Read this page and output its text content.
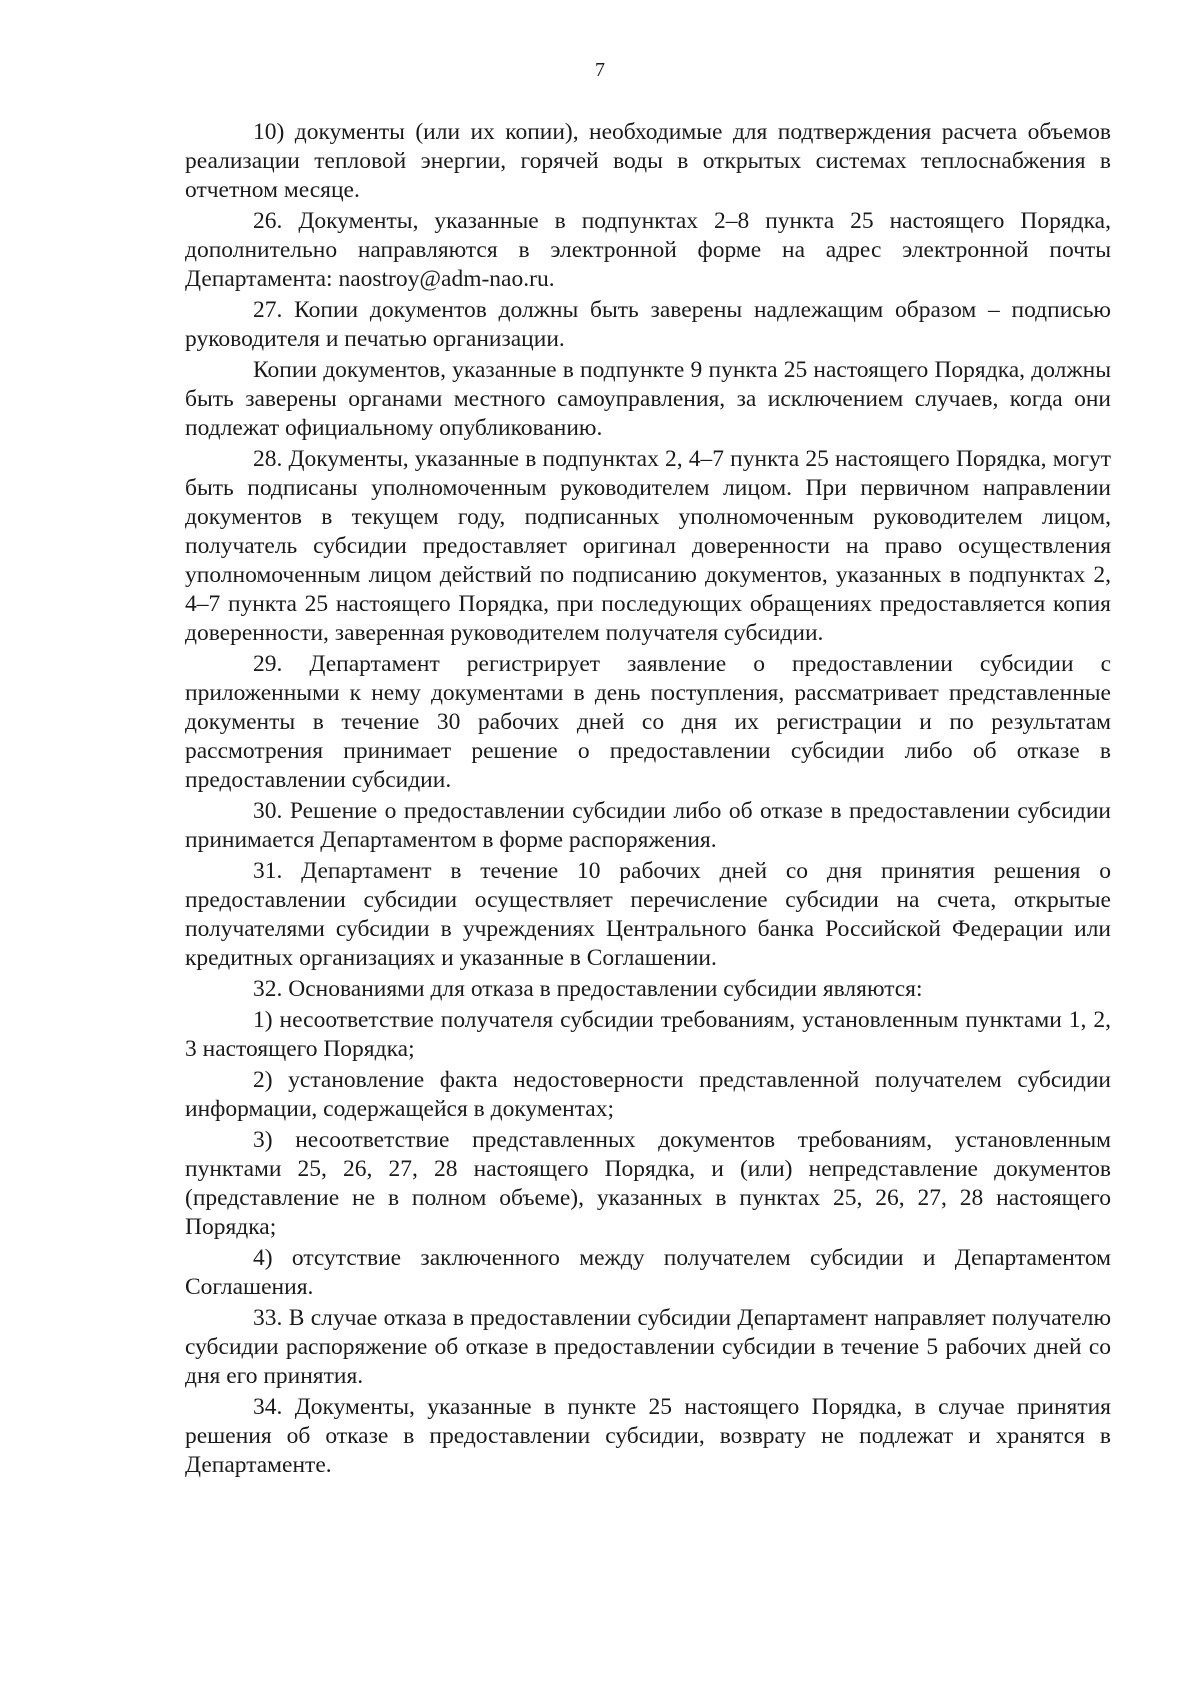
7

10) документы (или их копии), необходимые для подтверждения расчета объемов реализации тепловой энергии, горячей воды в открытых системах теплоснабжения в отчетном месяце.

26. Документы, указанные в подпунктах 2–8 пункта 25 настоящего Порядка, дополнительно направляются в электронной форме на адрес электронной почты Департамента: naostroy@adm-nao.ru.

27. Копии документов должны быть заверены надлежащим образом – подписью руководителя и печатью организации.

Копии документов, указанные в подпункте 9 пункта 25 настоящего Порядка, должны быть заверены органами местного самоуправления, за исключением случаев, когда они подлежат официальному опубликованию.

28. Документы, указанные в подпунктах 2, 4–7 пункта 25 настоящего Порядка, могут быть подписаны уполномоченным руководителем лицом. При первичном направлении документов в текущем году, подписанных уполномоченным руководителем лицом, получатель субсидии предоставляет оригинал доверенности на право осуществления уполномоченным лицом действий по подписанию документов, указанных в подпунктах 2, 4–7 пункта 25 настоящего Порядка, при последующих обращениях предоставляется копия доверенности, заверенная руководителем получателя субсидии.

29. Департамент регистрирует заявление о предоставлении субсидии с приложенными к нему документами в день поступления, рассматривает представленные документы в течение 30 рабочих дней со дня их регистрации и по результатам рассмотрения принимает решение о предоставлении субсидии либо об отказе в предоставлении субсидии.

30. Решение о предоставлении субсидии либо об отказе в предоставлении субсидии принимается Департаментом в форме распоряжения.

31. Департамент в течение 10 рабочих дней со дня принятия решения о предоставлении субсидии осуществляет перечисление субсидии на счета, открытые получателями субсидии в учреждениях Центрального банка Российской Федерации или кредитных организациях и указанные в Соглашении.

32. Основаниями для отказа в предоставлении субсидии являются:

1) несоответствие получателя субсидии требованиям, установленным пунктами 1, 2, 3 настоящего Порядка;

2) установление факта недостоверности представленной получателем субсидии информации, содержащейся в документах;

3) несоответствие представленных документов требованиям, установленным пунктами 25, 26, 27, 28 настоящего Порядка, и (или) непредставление документов (представление не в полном объеме), указанных в пунктах 25, 26, 27, 28 настоящего Порядка;

4) отсутствие заключенного между получателем субсидии и Департаментом Соглашения.

33. В случае отказа в предоставлении субсидии Департамент направляет получателю субсидии распоряжение об отказе в предоставлении субсидии в течение 5 рабочих дней со дня его принятия.

34. Документы, указанные в пункте 25 настоящего Порядка, в случае принятия решения об отказе в предоставлении субсидии, возврату не подлежат и хранятся в Департаменте.
